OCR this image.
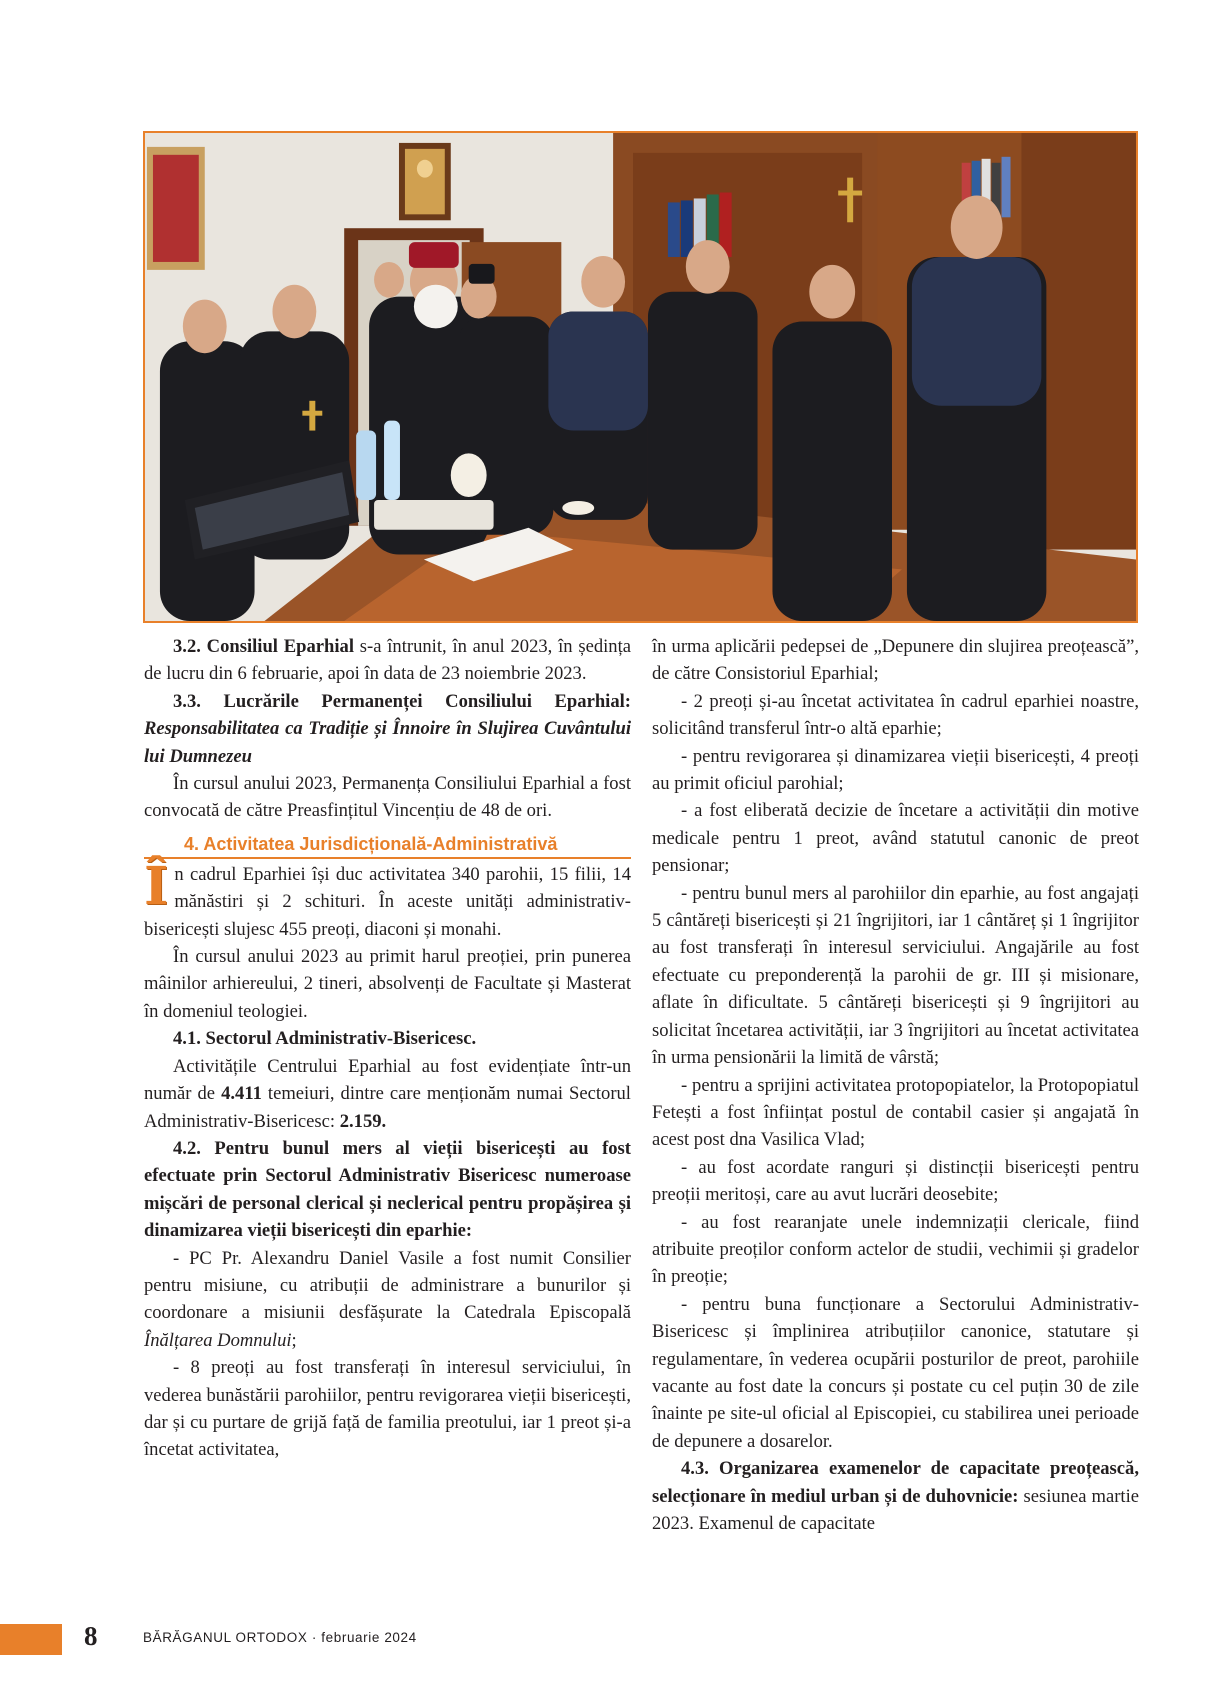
3.2. Consiliul Eparhial s-a întrunit, în anul 2023, în ședința de lucru din 6 februarie, apoi în data de 23 noiembrie 2023.

3.3. Lucrările Permanenței Consiliului Eparhial: Responsabilitatea ca Tradiție și Înnoire în Slujirea Cuvântului lui Dumnezeu

În cursul anului 2023, Permanența Consiliului Eparhial a fost convocată de către Preasfințitul Vincențiu de 48 de ori.

4. Activitatea Jurisdicțională-Administrativă

În cadrul Eparhiei își duc activitatea 340 parohii, 15 filii, 14 mănăstiri și 2 schituri. În aceste unități administrativ-bisericești slujesc 455 preoți, diaconi și monahi.

În cursul anului 2023 au primit harul preoției, prin punerea mâinilor arhiereului, 2 tineri, absolvenți de Facultate și Masterat în domeniul teologiei.

4.1. Sectorul Administrativ-Bisericesc.

Activitățile Centrului Eparhial au fost evidențiate într-un număr de 4.411 temeiuri, dintre care menționăm numai Sectorul Administrativ-Bisericesc: 2.159.

4.2. Pentru bunul mers al vieții bisericești au fost efectuate prin Sectorul Administrativ Bisericesc numeroase mișcări de personal clerical și neclerical pentru propășirea și dinamizarea vieții bisericești din eparhie:

- PC Pr. Alexandru Daniel Vasile a fost numit Consilier pentru misiune, cu atribuții de administrare a bunurilor și coordonare a misiunii desfășurate la Catedrala Episcopală Înălțarea Domnului;

- 8 preoți au fost transferați în interesul serviciului, în vederea bunăstării parohiilor, pentru revigorarea vieții bisericești, dar și cu purtare de grijă față de familia preotului, iar 1 preot și-a încetat activitatea,

în urma aplicării pedepsei de „Depunere din slujirea preoțească”, de către Consistoriul Eparhial;

- 2 preoți și-au încetat activitatea în cadrul eparhiei noastre, solicitând transferul într-o altă eparhie;

- pentru revigorarea și dinamizarea vieții bisericești, 4 preoți au primit oficiul parohial;

- a fost eliberată decizie de încetare a activității din motive medicale pentru 1 preot, având statutul canonic de preot pensionar;

- pentru bunul mers al parohiilor din eparhie, au fost angajați 5 cântăreți bisericești și 21 îngrijitori, iar 1 cântăreț și 1 îngrijitor au fost transferați în interesul serviciului. Angajările au fost efectuate cu preponderență la parohii de gr. III și misionare, aflate în dificultate. 5 cântăreți bisericești și 9 îngrijitori au solicitat încetarea activității, iar 3 îngrijitori au încetat activitatea în urma pensionării la limită de vârstă;

- pentru a sprijini activitatea protopopiatelor, la Protopopiatul Fetești a fost înființat postul de contabil casier și angajată în acest post dna Vasilica Vlad;

- au fost acordate ranguri și distincții bisericești pentru preoții meritoși, care au avut lucrări deosebite;

- au fost rearanjate unele indemnizații clericale, fiind atribuite preoților conform actelor de studii, vechimii și gradelor în preoție;

- pentru buna funcționare a Sectorului Administrativ-Bisericesc și împlinirea atribuțiilor canonice, statutare și regulamentare, în vederea ocupării posturilor de preot, parohiile vacante au fost date la concurs și postate cu cel puțin 30 de zile înainte pe site-ul oficial al Episcopiei, cu stabilirea unei perioade de depunere a dosarelor.

4.3. Organizarea examenelor de capacitate preoțească, selecționare în mediul urban și de duhovnicie: sesiunea martie 2023. Examenul de capacitate

8	BĂRĂGANUL ORTODOX · februarie 2024
